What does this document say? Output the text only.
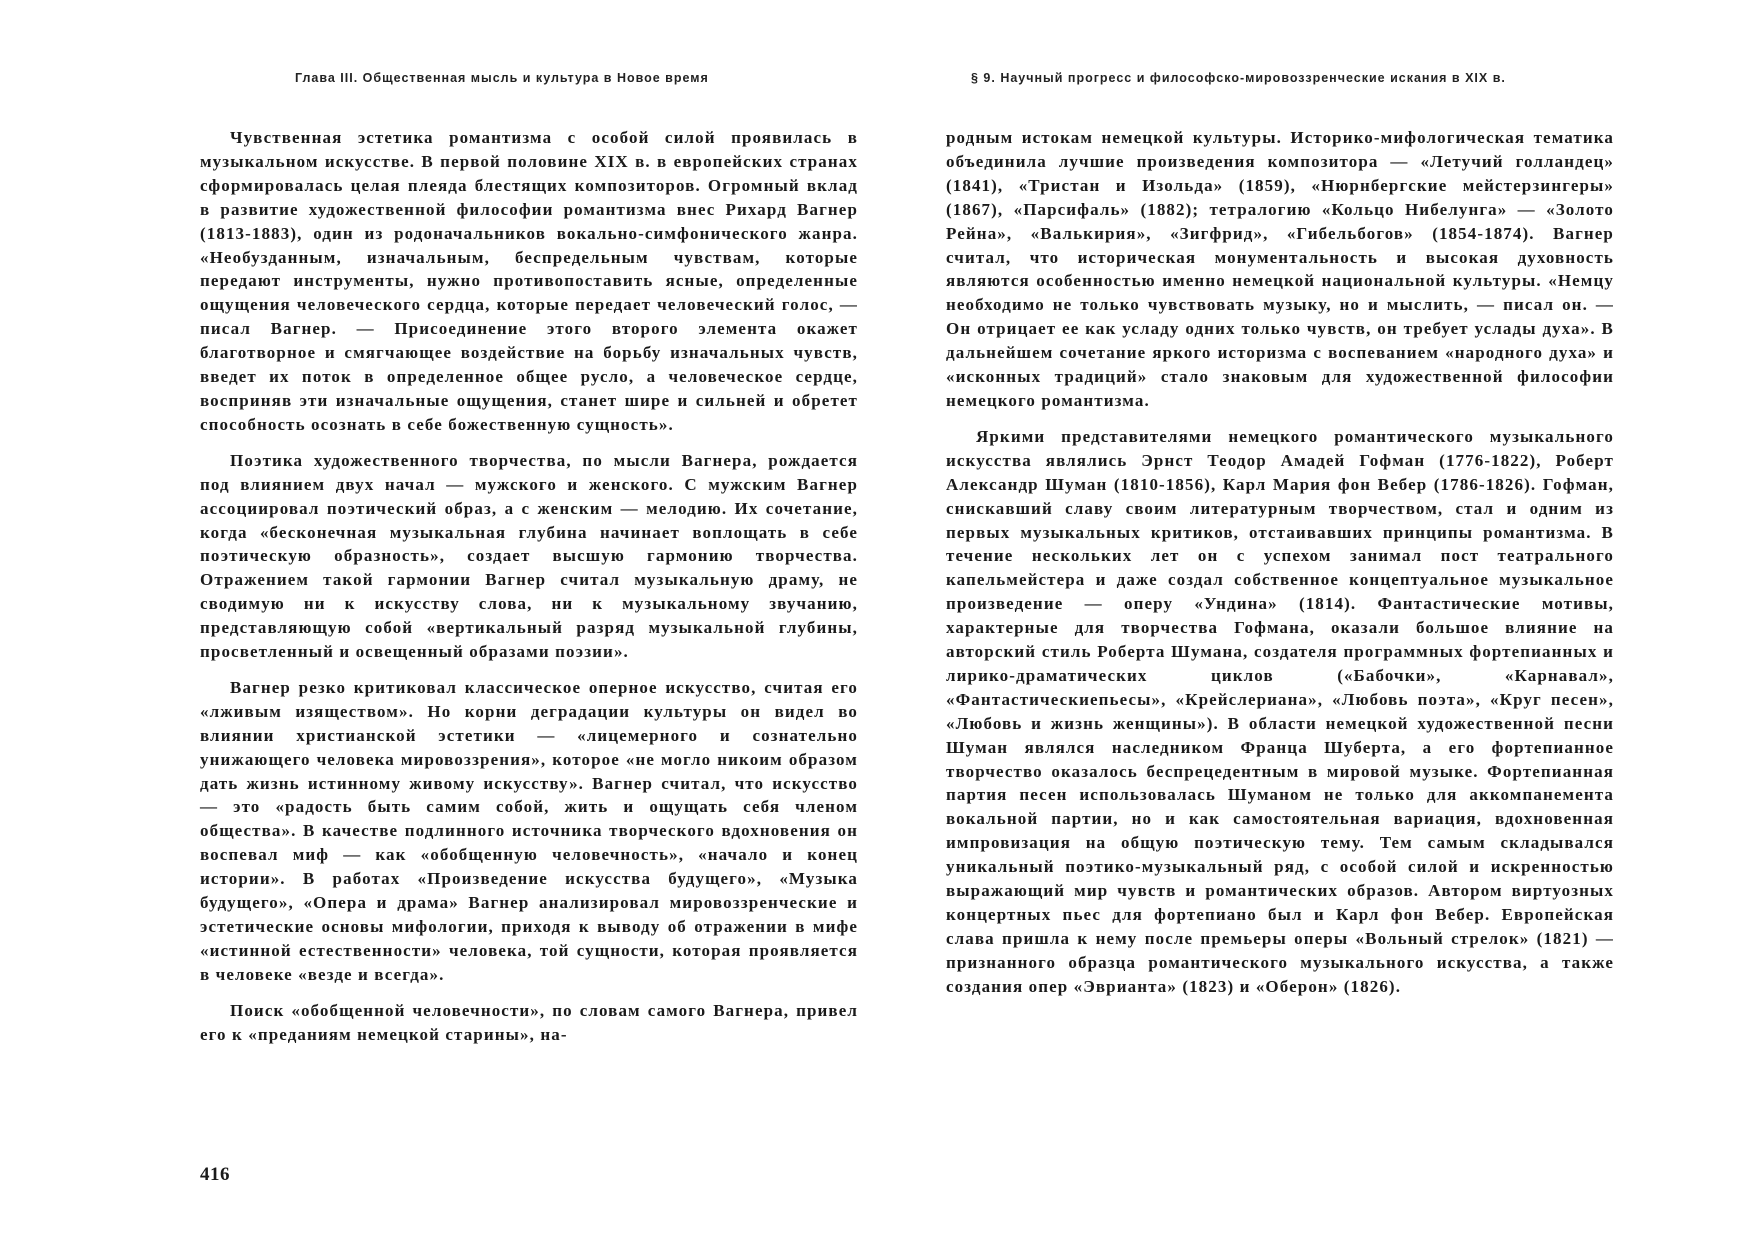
Глава III. Общественная мысль и культура в Новое время

Чувственная эстетика романтизма с особой силой проявилась в музыкальном искусстве. В первой половине XIX в. в европейских странах сформировалась целая плеяда блестящих композиторов. Огромный вклад в развитие художественной философии романтизма внес Рихард Вагнер (1813-1883), один из родоначальников вокально-симфонического жанра. «Необузданным, изначальным, беспредельным чувствам, которые передают инструменты, нужно противопоставить ясные, определенные ощущения человеческого сердца, которые передает человеческий голос, — писал Вагнер. — Присоединение этого второго элемента окажет благотворное и смягчающее воздействие на борьбу изначальных чувств, введет их поток в определенное общее русло, а человеческое сердце, восприняв эти изначальные ощущения, станет шире и сильней и обретет способность осознать в себе божественную сущность».

Поэтика художественного творчества, по мысли Вагнера, рождается под влиянием двух начал — мужского и женского. С мужским Вагнер ассоциировал поэтический образ, а с женским — мелодию. Их сочетание, когда «бесконечная музыкальная глубина начинает воплощать в себе поэтическую образность», создает высшую гармонию творчества. Отражением такой гармонии Вагнер считал музыкальную драму, не сводимую ни к искусству слова, ни к музыкальному звучанию, представляющую собой «вертикальный разряд музыкальной глубины, просветленный и освещенный образами поэзии».

Вагнер резко критиковал классическое оперное искусство, считая его «лживым изяществом». Но корни деградации культуры он видел во влиянии христианской эстетики — «лицемерного и сознательно унижающего человека мировоззрения», которое «не могло никоим образом дать жизнь истинному живому искусству». Вагнер считал, что искусство — это «радость быть самим собой, жить и ощущать себя членом общества». В качестве подлинного источника творческого вдохновения он воспевал миф — как «обобщенную человечность», «начало и конец истории». В работах «Произведение искусства будущего», «Музыка будущего», «Опера и драма» Вагнер анализировал мировоззренческие и эстетические основы мифологии, приходя к выводу об отражении в мифе «истинной естественности» человека, той сущности, которая проявляется в человеке «везде и всегда».

Поиск «обобщенной человечности», по словам самого Вагнера, привел его к «преданиям немецкой старины», на-

416
§ 9. Научный прогресс и философско-мировоззренческие искания в XIX в.

родным истокам немецкой культуры. Историко-мифологическая тематика объединила лучшие произведения композитора — «Летучий голландец» (1841), «Тристан и Изольда» (1859), «Нюрнбергские мейстерзингеры» (1867), «Парсифаль» (1882); тетралогию «Кольцо Нибелунга» — «Золото Рейна», «Валькирия», «Зигфрид», «Гибельбогов» (1854-1874). Вагнер считал, что историческая монументальность и высокая духовность являются особенностью именно немецкой национальной культуры. «Немцу необходимо не только чувствовать музыку, но и мыслить, — писал он. — Он отрицает ее как усладу одних только чувств, он требует услады духа». В дальнейшем сочетание яркого историзма с воспеванием «народного духа» и «исконных традиций» стало знаковым для художественной философии немецкого романтизма.

Яркими представителями немецкого романтического музыкального искусства являлись Эрнст Теодор Амадей Гофман (1776-1822), Роберт Александр Шуман (1810-1856), Карл Мария фон Вебер (1786-1826). Гофман, снискавший славу своим литературным творчеством, стал и одним из первых музыкальных критиков, отстаивавших принципы романтизма. В течение нескольких лет он с успехом занимал пост театрального капельмейстера и даже создал собственное концептуальное музыкальное произведение — оперу «Ундина» (1814). Фантастические мотивы, характерные для творчества Гофмана, оказали большое влияние на авторский стиль Роберта Шумана, создателя программных фортепианных и лирико-драматических циклов («Бабочки», «Карнавал», «Фантастическиепьесы», «Крейслериана», «Любовь поэта», «Круг песен», «Любовь и жизнь женщины»). В области немецкой художественной песни Шуман являлся наследником Франца Шуберта, а его фортепианное творчество оказалось беспрецедентным в мировой музыке. Фортепианная партия песен использовалась Шуманом не только для аккомпанемента вокальной партии, но и как самостоятельная вариация, вдохновенная импровизация на общую поэтическую тему. Тем самым складывался уникальный поэтико-музыкальный ряд, с особой силой и искренностью выражающий мир чувств и романтических образов. Автором виртуозных концертных пьес для фортепиано был и Карл фон Вебер. Европейская слава пришла к нему после премьеры оперы «Вольный стрелок» (1821) — признанного образца романтического музыкального искусства, а также создания опер «Эврианта» (1823) и «Оберон» (1826).
